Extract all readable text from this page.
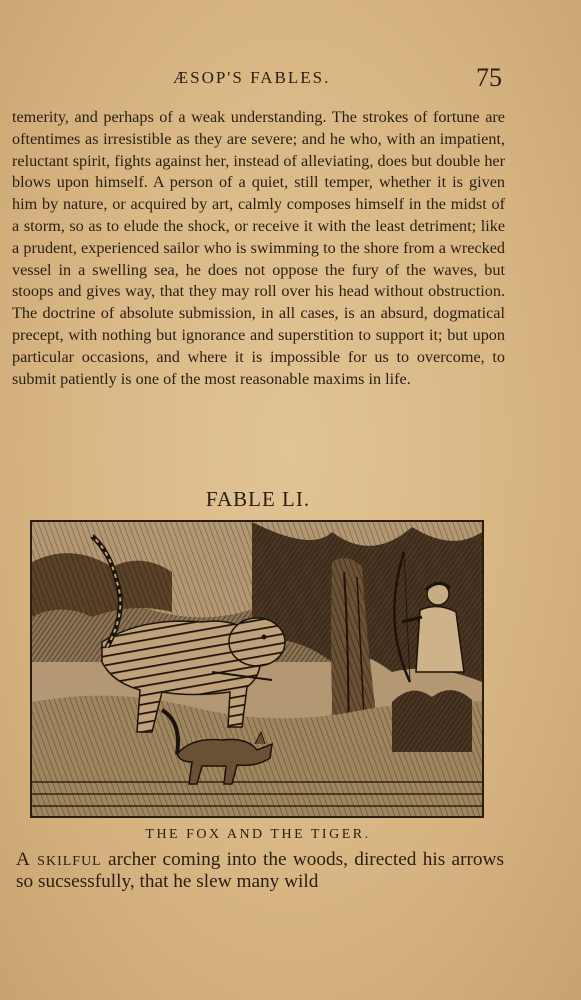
ÆSOP'S FABLES.	75

temerity, and perhaps of a weak understanding. The strokes of fortune are oftentimes as irresistible as they are severe; and he who, with an impatient, reluctant spirit, fights against her, instead of alleviating, does but double her blows upon himself. A person of a quiet, still temper, whether it is given him by nature, or acquired by art, calmly composes himself in the midst of a storm, so as to elude the shock, or receive it with the least detriment; like a prudent, experienced sailor who is swimming to the shore from a wrecked vessel in a swelling sea, he does not oppose the fury of the waves, but stoops and gives way, that they may roll over his head without obstruction. The doctrine of absolute submission, in all cases, is an absurd, dogmatical precept, with nothing but ignorance and superstition to support it; but upon particular occasions, and where it is impossible for us to overcome, to submit patiently is one of the most reasonable maxims in life.

FABLE LI.
THE FOX AND THE TIGER.

A skilful archer coming into the woods, directed his arrows so sucsessfully, that he slew many wild
